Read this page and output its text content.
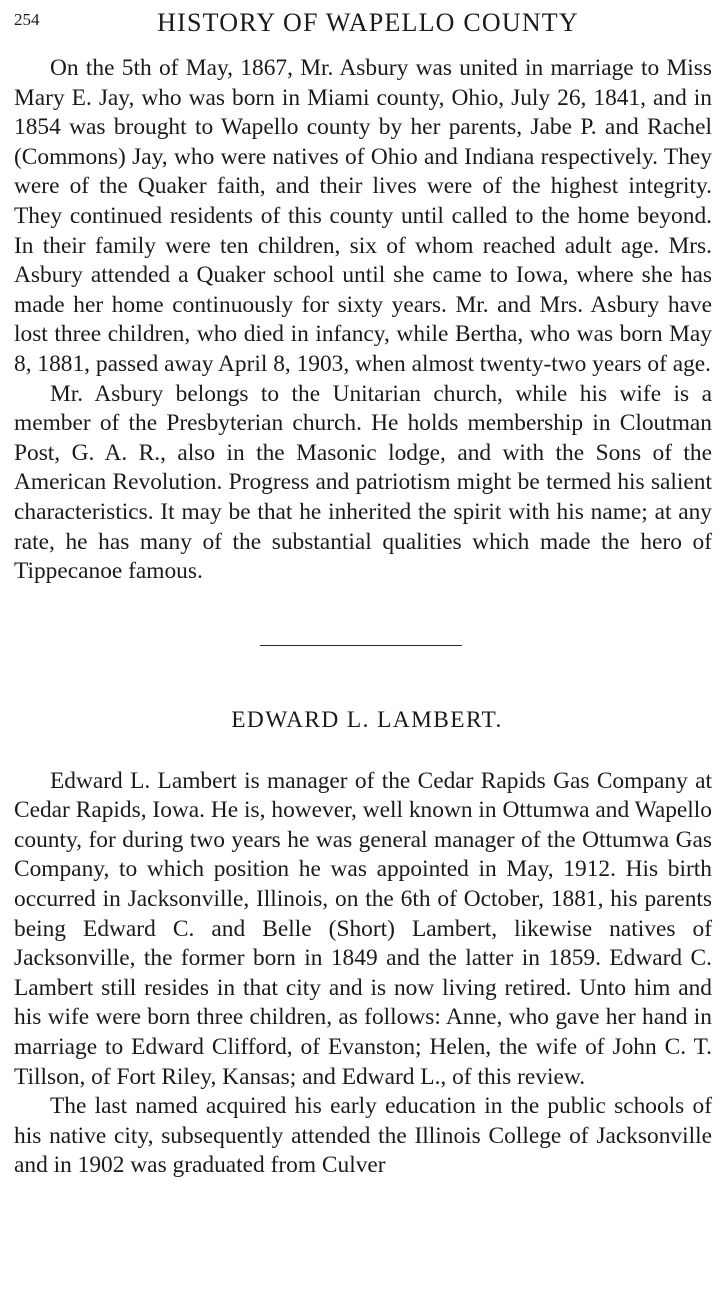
254	HISTORY OF WAPELLO COUNTY

On the 5th of May, 1867, Mr. Asbury was united in marriage to Miss Mary E. Jay, who was born in Miami county, Ohio, July 26, 1841, and in 1854 was brought to Wapello county by her parents, Jabe P. and Rachel (Commons) Jay, who were natives of Ohio and Indiana respectively. They were of the Quaker faith, and their lives were of the highest integrity. They continued residents of this county until called to the home beyond. In their family were ten children, six of whom reached adult age. Mrs. Asbury attended a Quaker school until she came to Iowa, where she has made her home continuously for sixty years. Mr. and Mrs. Asbury have lost three children, who died in infancy, while Bertha, who was born May 8, 1881, passed away April 8, 1903, when almost twenty-two years of age.

Mr. Asbury belongs to the Unitarian church, while his wife is a member of the Presbyterian church. He holds membership in Cloutman Post, G. A. R., also in the Masonic lodge, and with the Sons of the American Revolution. Progress and patriotism might be termed his salient characteristics. It may be that he inherited the spirit with his name; at any rate, he has many of the substantial qualities which made the hero of Tippecanoe famous.

EDWARD L. LAMBERT.

Edward L. Lambert is manager of the Cedar Rapids Gas Company at Cedar Rapids, Iowa. He is, however, well known in Ottumwa and Wapello county, for during two years he was general manager of the Ottumwa Gas Company, to which position he was appointed in May, 1912. His birth occurred in Jacksonville, Illinois, on the 6th of October, 1881, his parents being Edward C. and Belle (Short) Lambert, likewise natives of Jacksonville, the former born in 1849 and the latter in 1859. Edward C. Lambert still resides in that city and is now living retired. Unto him and his wife were born three children, as follows: Anne, who gave her hand in marriage to Edward Clifford, of Evanston; Helen, the wife of John C. T. Tillson, of Fort Riley, Kansas; and Edward L., of this review.

The last named acquired his early education in the public schools of his native city, subsequently attended the Illinois College of Jacksonville and in 1902 was graduated from Culver
